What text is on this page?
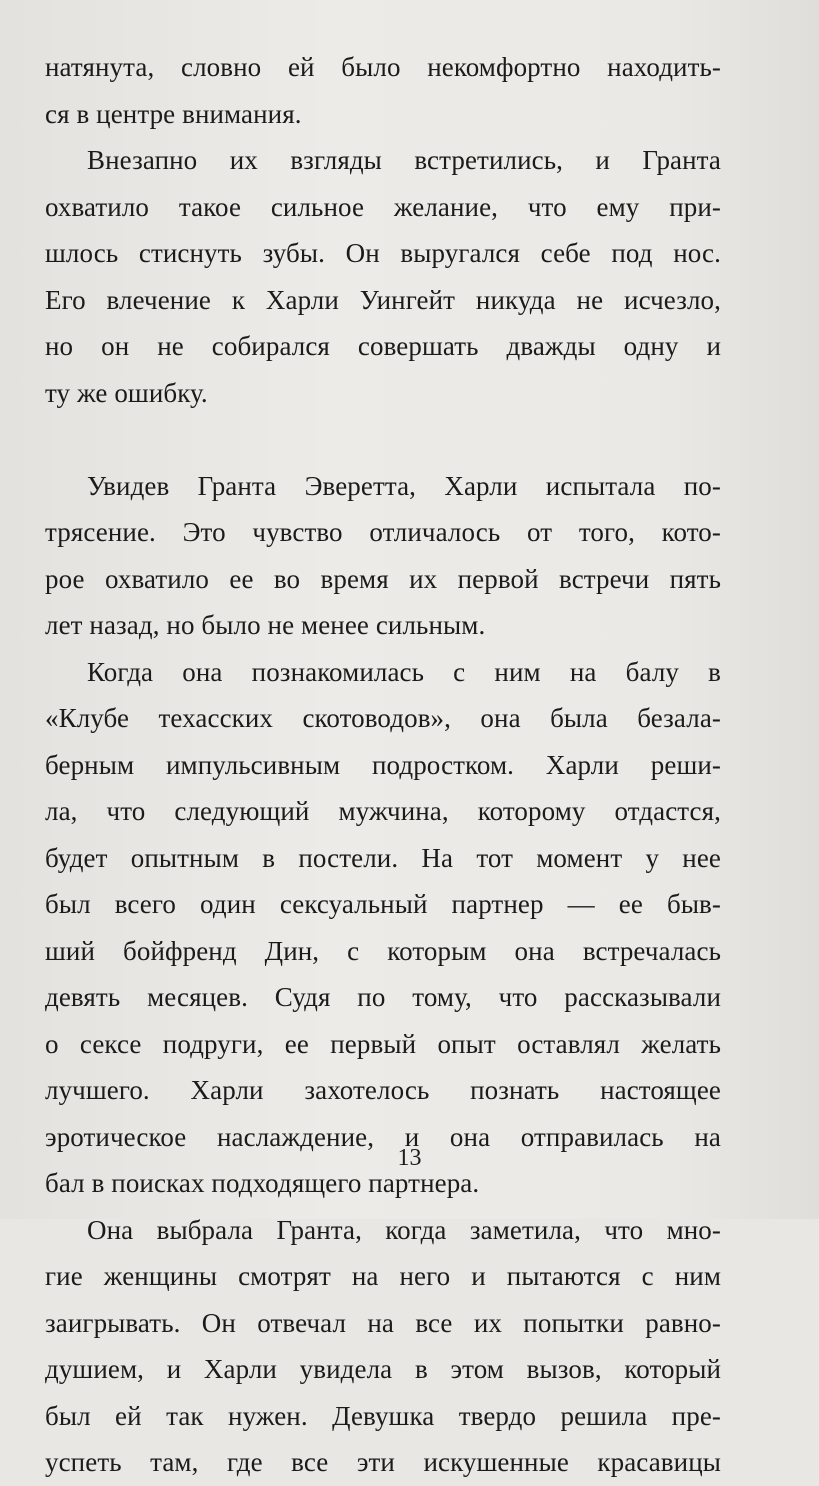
натянута, словно ей было некомфортно находить-
ся в центре внимания.
Внезапно их взгляды встретились, и Гранта
охватило такое сильное желание, что ему при-
шлось стиснуть зубы. Он выругался себе под нос.
Его влечение к Харли Уингейт никуда не исчезло,
но он не собирался совершать дважды одну и
ту же ошибку.
Увидев Гранта Эверетта, Харли испытала по-
трясение. Это чувство отличалось от того, кото-
рое охватило ее во время их первой встречи пять
лет назад, но было не менее сильным.
Когда она познакомилась с ним на балу в
«Клубе техасских скотоводов», она была безала-
берным импульсивным подростком. Харли реши-
ла, что следующий мужчина, которому отдастся,
будет опытным в постели. На тот момент у нее
был всего один сексуальный партнер — ее быв-
ший бойфренд Дин, с которым она встречалась
девять месяцев. Судя по тому, что рассказывали
о сексе подруги, ее первый опыт оставлял желать
лучшего. Харли захотелось познать настоящее
эротическое наслаждение, и она отправилась на
бал в поисках подходящего партнера.
Она выбрала Гранта, когда заметила, что мно-
гие женщины смотрят на него и пытаются с ним
заигрывать. Он отвечал на все их попытки равно-
душием, и Харли увидела в этом вызов, который
был ей так нужен. Девушка твердо решила пре-
успеть там, где все эти искушенные красавицы
13
